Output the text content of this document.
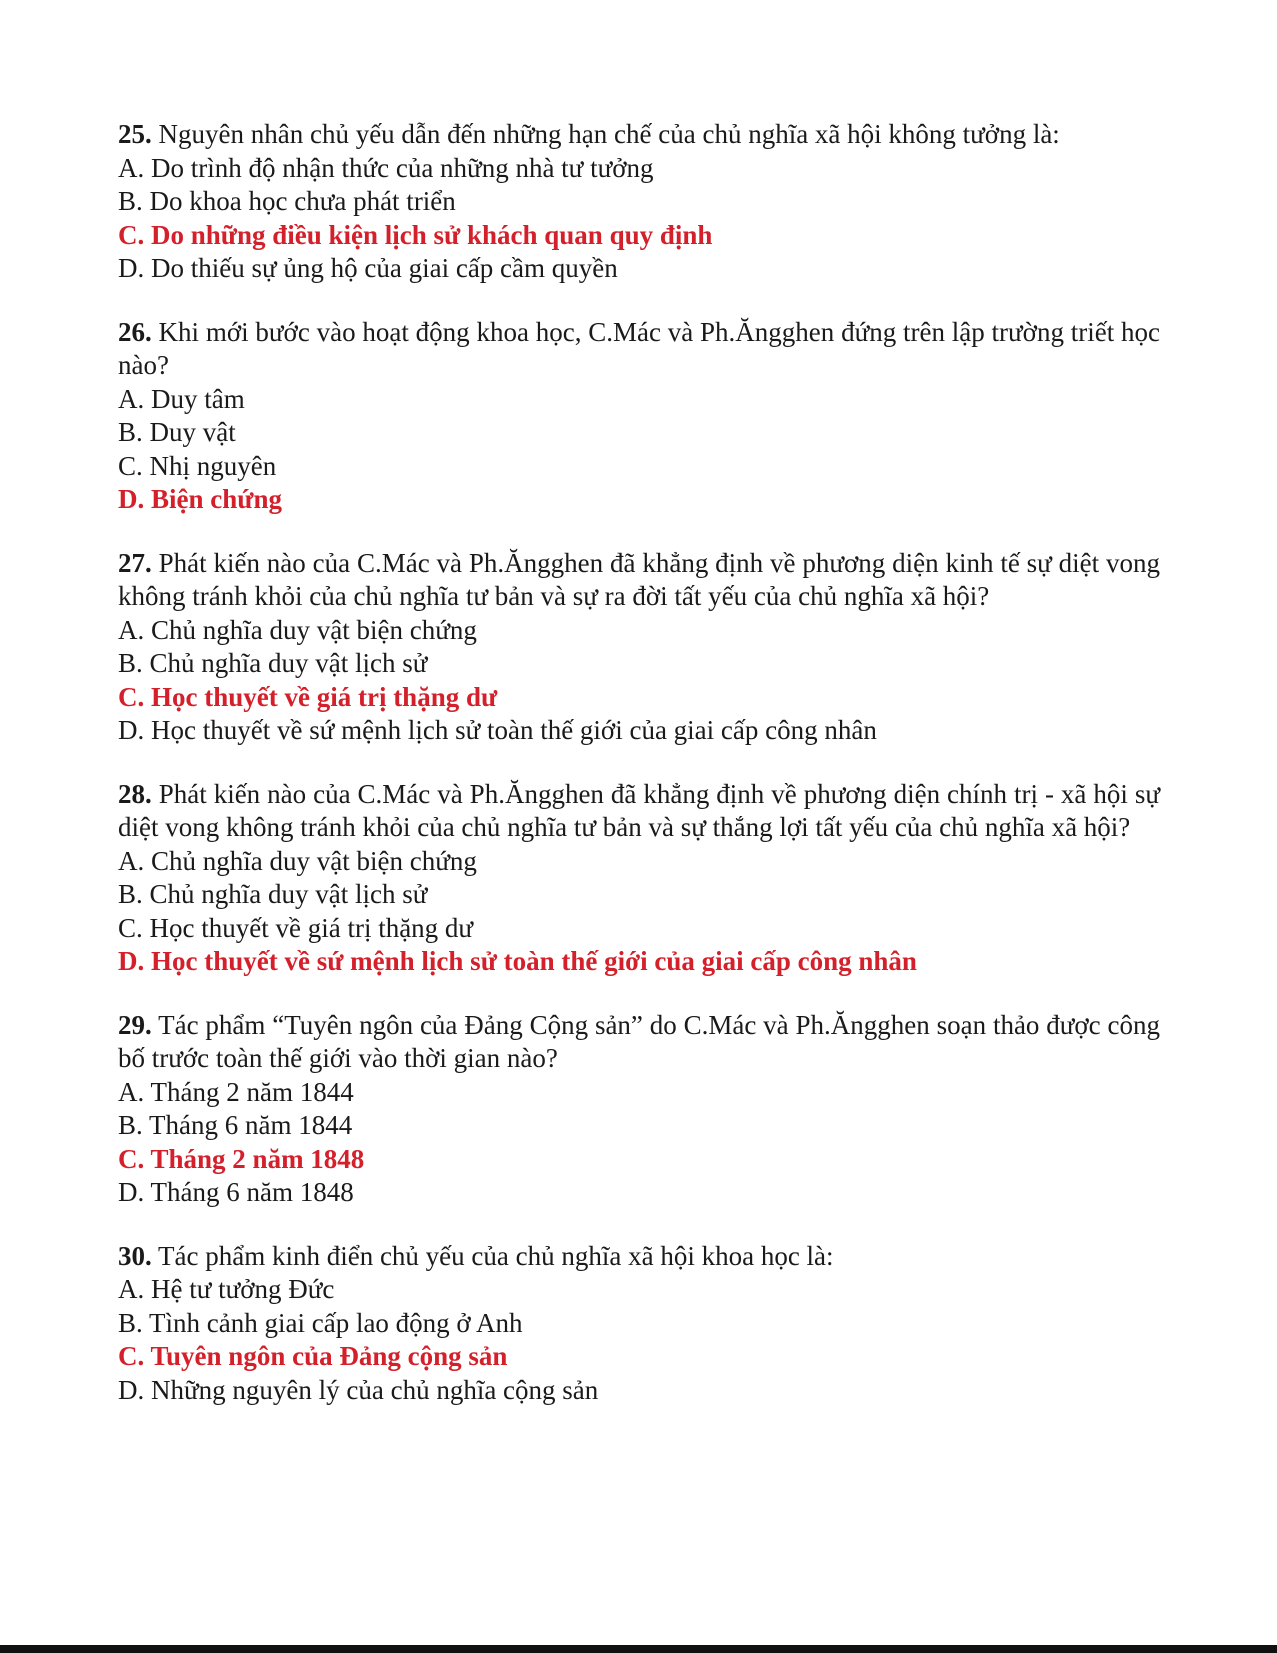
25. Nguyên nhân chủ yếu dẫn đến những hạn chế của chủ nghĩa xã hội không tưởng là:

A. Do trình độ nhận thức của những nhà tư tưởng

B. Do khoa học chưa phát triển

C. Do những điều kiện lịch sử khách quan quy định

D. Do thiếu sự ủng hộ của giai cấp cầm quyền

26. Khi mới bước vào hoạt động khoa học, C.Mác và Ph.Ăngghen đứng trên lập trường triết học nào?

A. Duy tâm

B. Duy vật

C. Nhị nguyên

D. Biện chứng

27. Phát kiến nào của C.Mác và Ph.Ăngghen đã khẳng định về phương diện kinh tế sự diệt vong không tránh khỏi của chủ nghĩa tư bản và sự ra đời tất yếu của chủ nghĩa xã hội?

A. Chủ nghĩa duy vật biện chứng

B. Chủ nghĩa duy vật lịch sử

C. Học thuyết về giá trị thặng dư

D. Học thuyết về sứ mệnh lịch sử toàn thế giới của giai cấp công nhân

28. Phát kiến nào của C.Mác và Ph.Ăngghen đã khẳng định về phương diện chính trị - xã hội sự diệt vong không tránh khỏi của chủ nghĩa tư bản và sự thắng lợi tất yếu của chủ nghĩa xã hội?

A. Chủ nghĩa duy vật biện chứng

B. Chủ nghĩa duy vật lịch sử

C. Học thuyết về giá trị thặng dư

D. Học thuyết về sứ mệnh lịch sử toàn thế giới của giai cấp công nhân

29. Tác phẩm “Tuyên ngôn của Đảng Cộng sản” do C.Mác và Ph.Ăngghen soạn thảo được công bố trước toàn thế giới vào thời gian nào?

A. Tháng 2 năm 1844

B. Tháng 6 năm 1844

C. Tháng 2 năm 1848

D. Tháng 6 năm 1848

30. Tác phẩm kinh điển chủ yếu của chủ nghĩa xã hội khoa học là:

A. Hệ tư tưởng Đức

B. Tình cảnh giai cấp lao động ở Anh

C. Tuyên ngôn của Đảng cộng sản

D. Những nguyên lý của chủ nghĩa cộng sản
